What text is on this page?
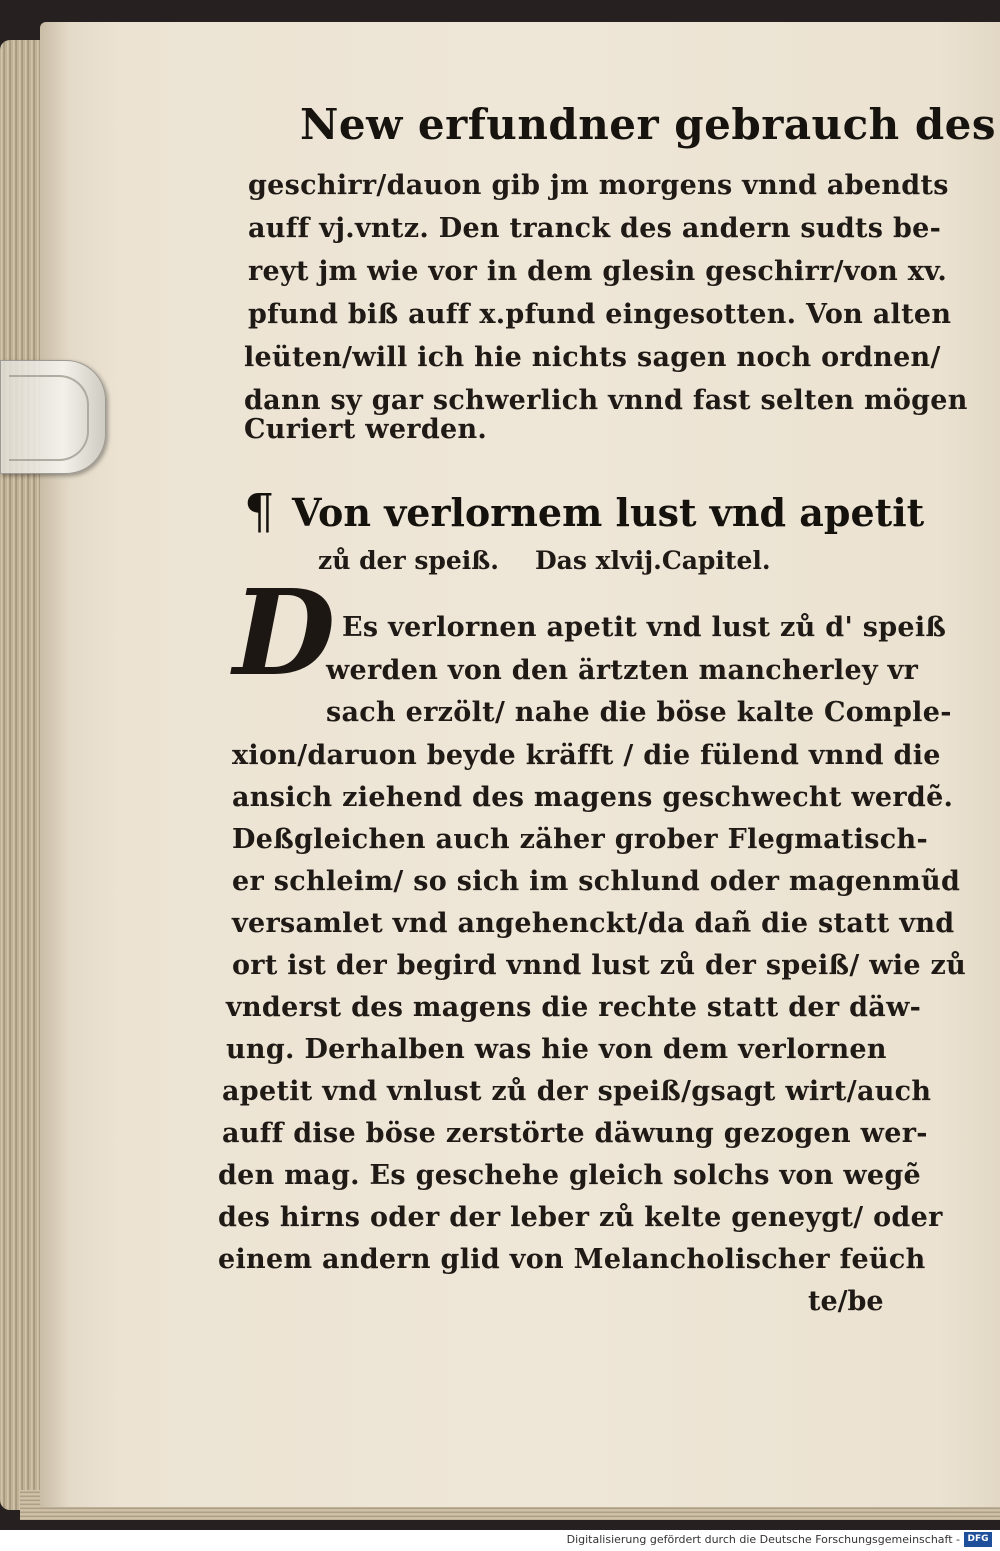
New erfundner gebrauch des
geschirr/dauon gib jm morgens vnnd abendts
auff vj.vntz. Den tranck des andern sudts be-
reyt jm wie vor in dem glesin geschirr/von xv.
pfund biß auff x.pfund eingesotten. Von alten
leüten/will ich hie nichts sagen noch ordnen/
dann sy gar schwerlich vnnd fast selten mögen
Curiert werden.
¶ Von verlornem lust vnd apetit
zů der speiß. Das xlvij.Capitel.
D Es verlornen apetit vnd lust zů d' speiß
werden von den ärtzten mancherley vr
sach erzölt/ nahe die böse kalte Comple-
xion/daruon beyde kräfft / die fülend vnnd die
ansich ziehend des magens geschwecht werdẽ.
Deßgleichen auch zäher grober Flegmatisch-
er schleim/ so sich im schlund oder magenmũd
versamlet vnd angehenckt/da dañ die statt vnd
ort ist der begird vnnd lust zů der speiß/ wie zů
vnderst des magens die rechte statt der däw-
ung. Derhalben was hie von dem verlornen
apetit vnd vnlust zů der speiß/gsagt wirt/auch
auff dise böse zerstörte däwung gezogen wer-
den mag. Es geschehe gleich solchs von wegẽ
des hirns oder der leber zů kelte geneygt/ oder
einem andern glid von Melancholischer feüch
te/be
Digitalisierung gefördert durch die Deutsche Forschungsgemeinschaft - DFG
